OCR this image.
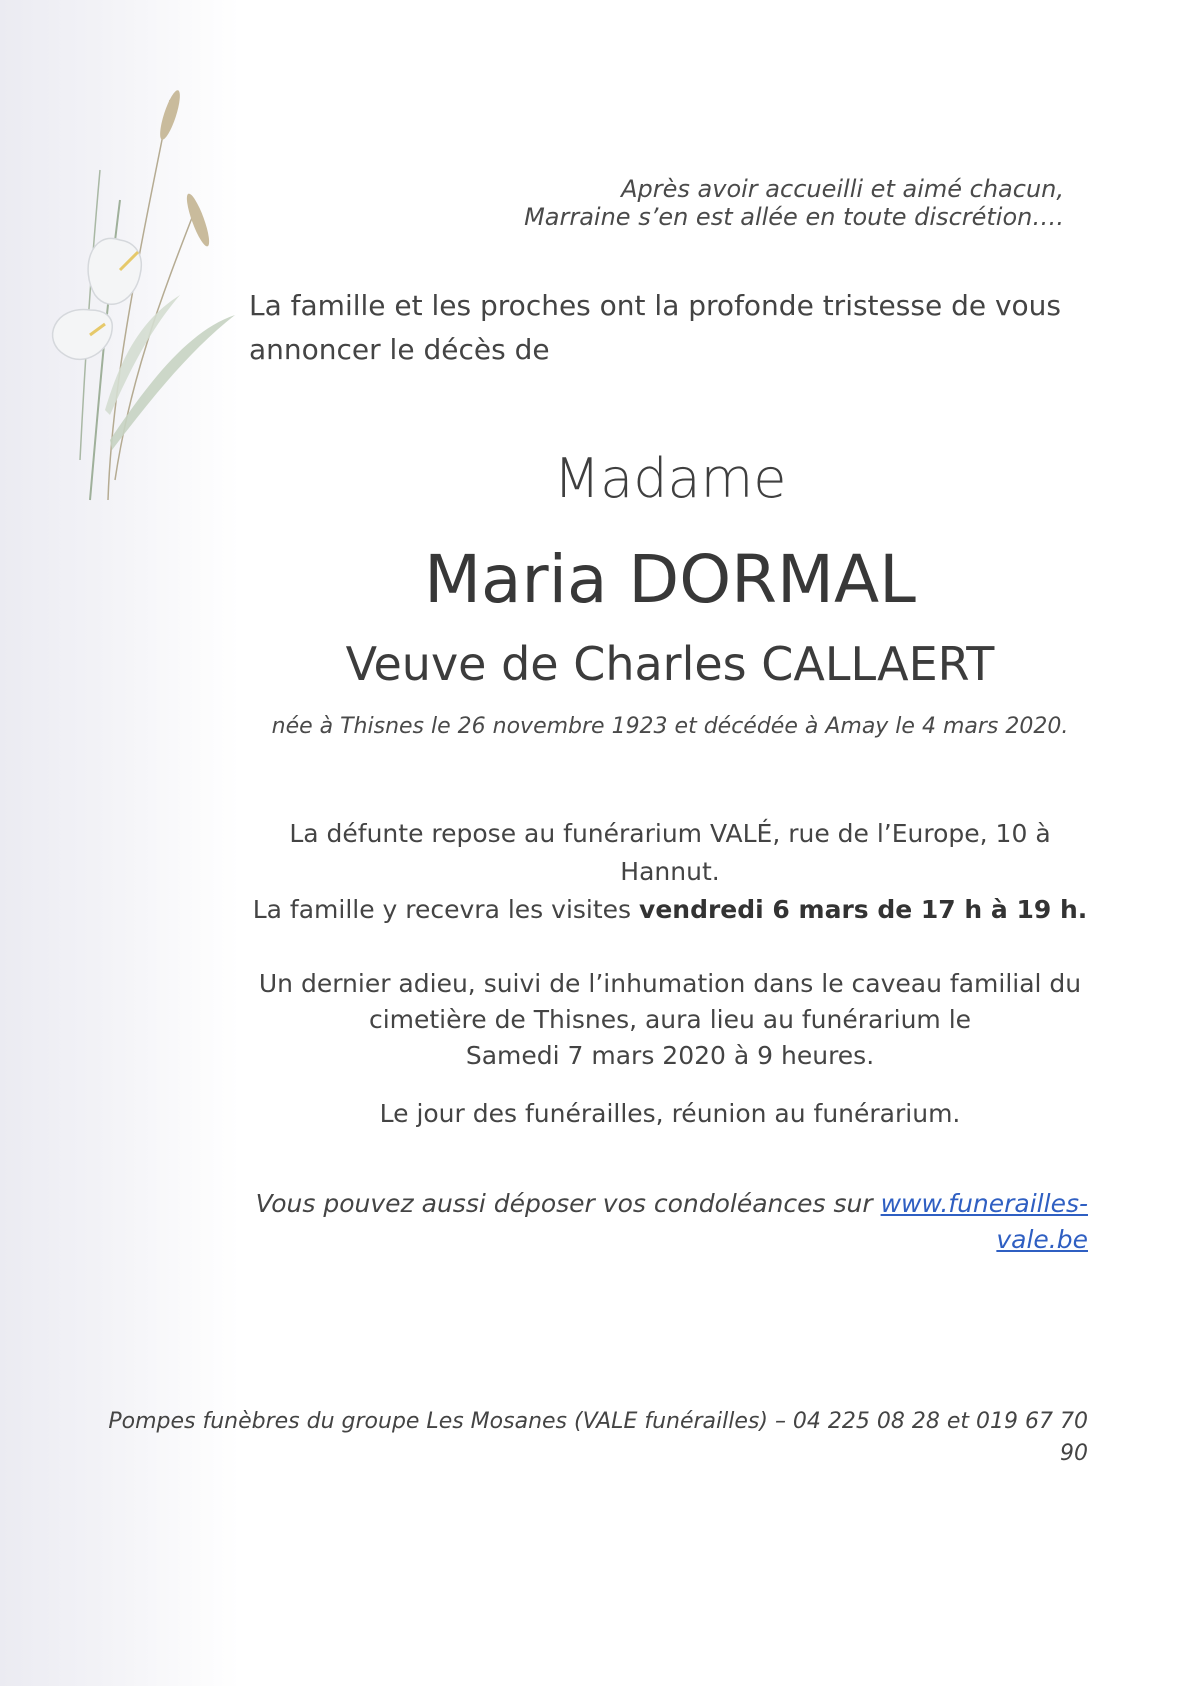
Après avoir accueilli et aimé chacun,
Marraine s’en est allée en toute discrétion….
La famille et les proches ont la profonde tristesse de vous
annoncer le décès de
Madame
Maria DORMAL
Veuve de Charles CALLAERT
née à Thisnes le 26 novembre 1923 et décédée à Amay le 4 mars 2020.
La défunte repose au funérarium VALÉ, rue de l’Europe, 10 à Hannut.
La famille y recevra les visites vendredi 6 mars de 17 h à 19 h.
Un dernier adieu, suivi de l’inhumation dans le caveau familial du
cimetière de Thisnes, aura lieu au funérarium le
Samedi 7 mars 2020 à 9 heures.
Le jour des funérailles, réunion au funérarium.
Vous pouvez aussi déposer vos condoléances sur www.funerailles-vale.be
Pompes funèbres du groupe Les Mosanes (VALE funérailles) – 04 225 08 28 et 019 67 70 90
